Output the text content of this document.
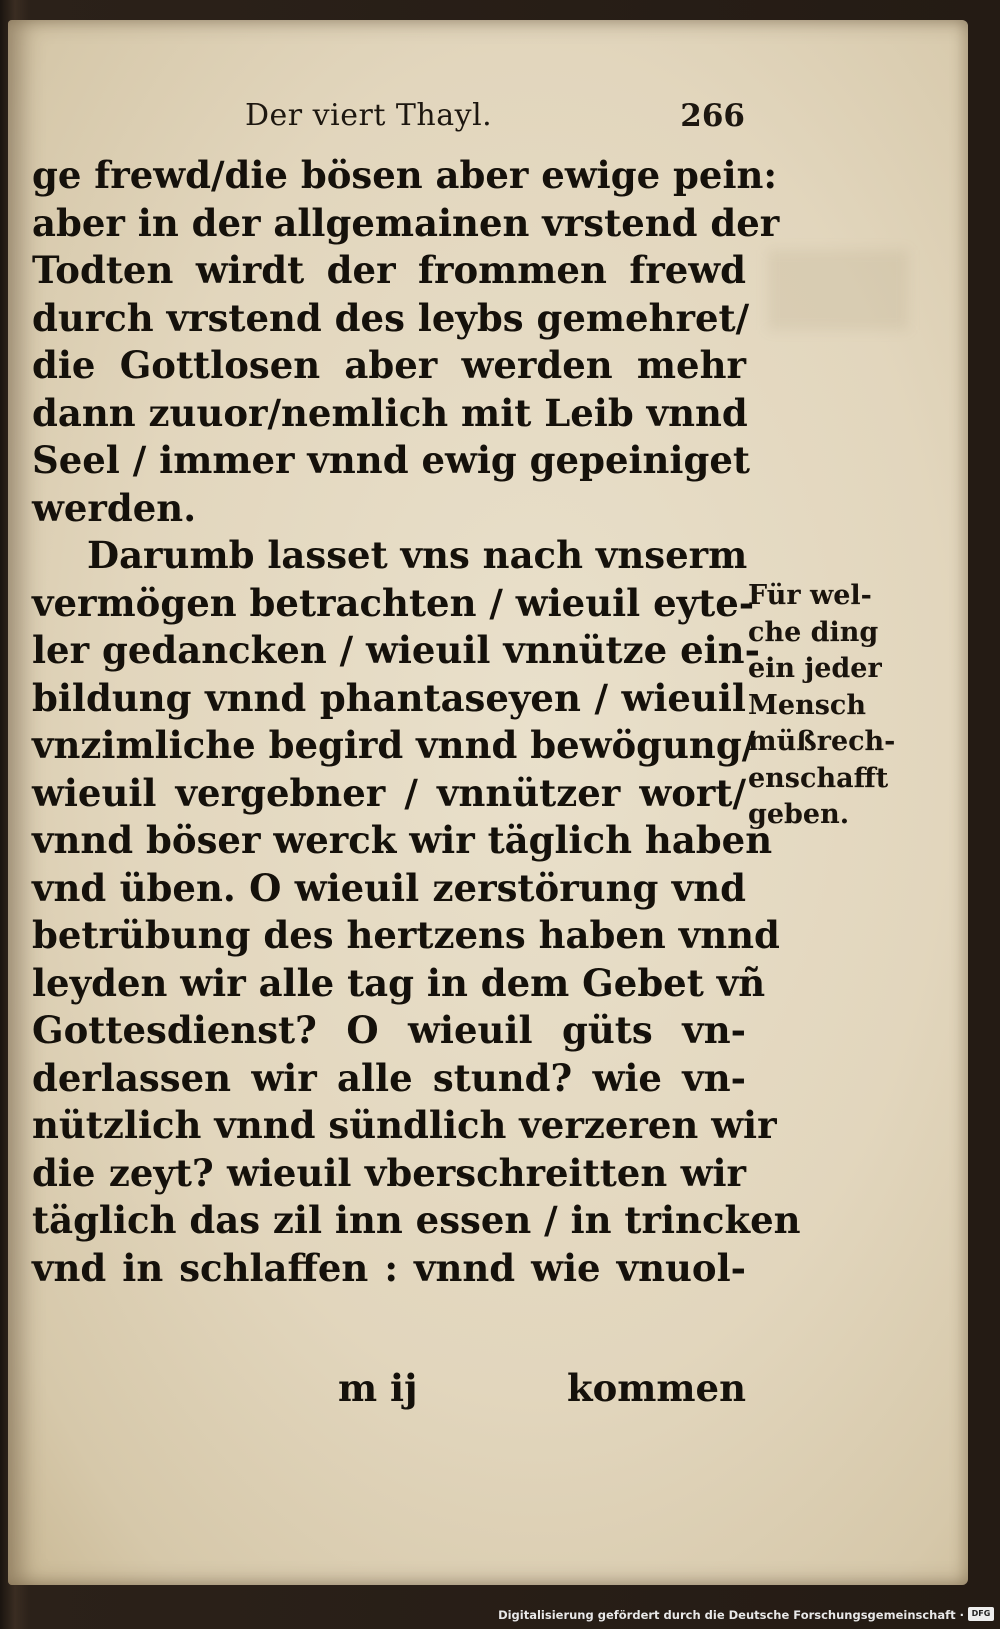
Der viert Thayl.	266
ge frewd/die bösen aber ewige pein:
aber in der allgemainen vrstend der
Todten wirdt der frommen frewd
durch vrstend des leybs gemehret/
die Gottlosen aber werden mehr
dann zuuor/nemlich mit Leib vnnd
Seel / immer vnnd ewig gepeiniget
werden.
Darumb lasset vns nach vnserm
vermögen betrachten / wieuil eyte-
ler gedancken / wieuil vnnütze ein-
bildung vnnd phantaseyen / wieuil
vnzimliche begird vnnd bewögung/
wieuil vergebner / vnnützer wort/
vnnd böser werck wir täglich haben
vnd üben. O wieuil zerstörung vnd
betrübung des hertzens haben vnnd
leyden wir alle tag in dem Gebet vñ
Gottesdienst? O wieuil güts vn-
derlassen wir alle stund? wie vn-
nützlich vnnd sündlich verzeren wir
die zeyt? wieuil vberschreitten wir
täglich das zil inn essen / in trincken
vnd in schlaffen : vnnd wie vnuol-
Für wel-
che ding
ein jeder
Mensch
müßrech-
enschafft
geben.
m ij	kommen
Digitalisierung gefördert durch die Deutsche Forschungsgemeinschaft · DFG
